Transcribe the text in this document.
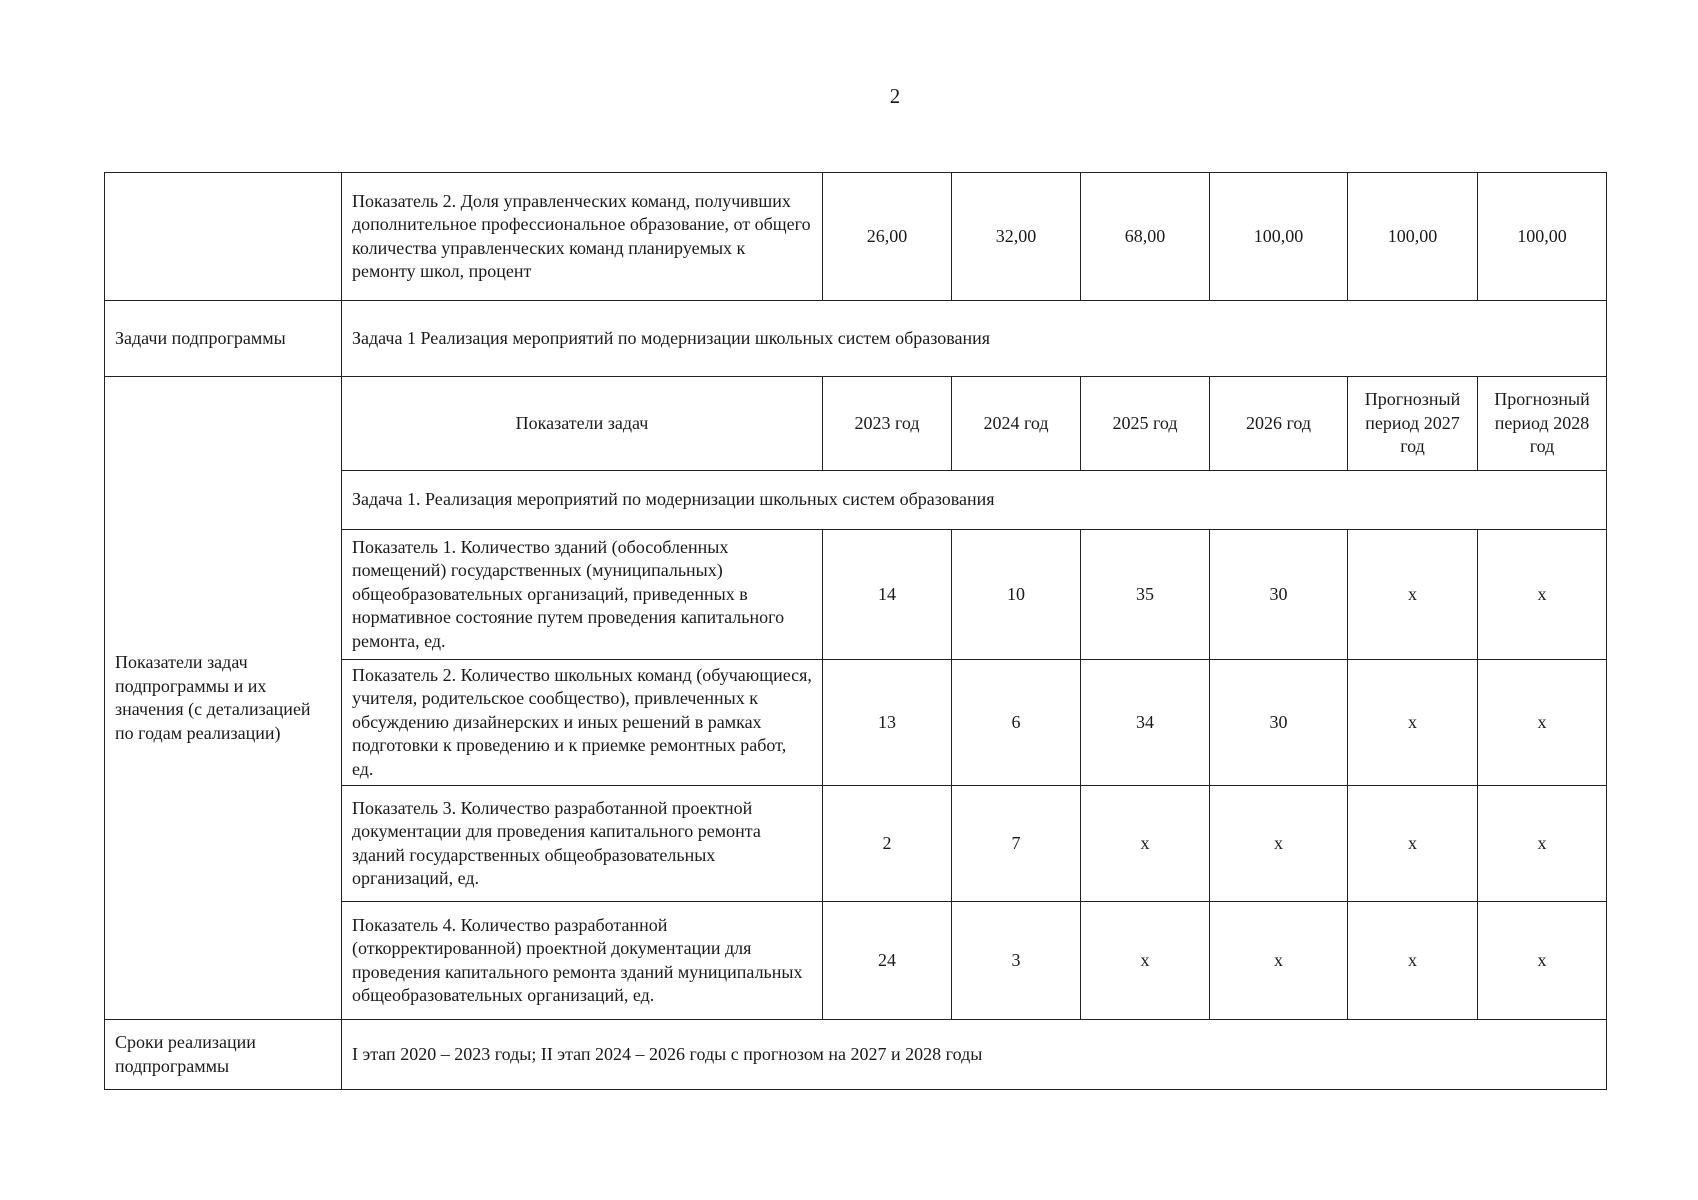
2
	Показатель 2. Доля управленческих команд, получивших дополнительное профессиональное образование, от общего количества управленческих команд планируемых к ремонту школ, процент	26,00	32,00	68,00	100,00	100,00	100,00
Задачи подпрограммы	Задача 1 Реализация мероприятий по модернизации школьных систем образования						
Показатели задач подпрограммы и их значения (с детализацией по годам реализации)	Показатели задач	2023 год	2024 год	2025 год	2026 год	Прогнозный период 2027 год	Прогнозный период 2028 год
	Задача 1. Реализация мероприятий по модернизации школьных систем образования						
	Показатель 1. Количество зданий (обособленных помещений) государственных (муниципальных) общеобразовательных организаций, приведенных в нормативное состояние путем проведения капитального ремонта, ед.	14	10	35	30	х	х
	Показатель 2. Количество школьных команд (обучающиеся, учителя, родительское сообщество), привлеченных к обсуждению дизайнерских и иных решений в рамках подготовки к проведению и к приемке ремонтных работ, ед.	13	6	34	30	х	х
	Показатель 3. Количество разработанной проектной документации для проведения капитального ремонта зданий государственных общеобразовательных организаций, ед.	2	7	х	х	х	х
	Показатель 4. Количество разработанной (откорректированной) проектной документации для проведения капитального ремонта зданий муниципальных общеобразовательных организаций, ед.	24	3	х	х	х	х
Сроки реализации подпрограммы	I этап 2020 – 2023 годы; II этап 2024 – 2026 годы с прогнозом на 2027 и 2028 годы						
